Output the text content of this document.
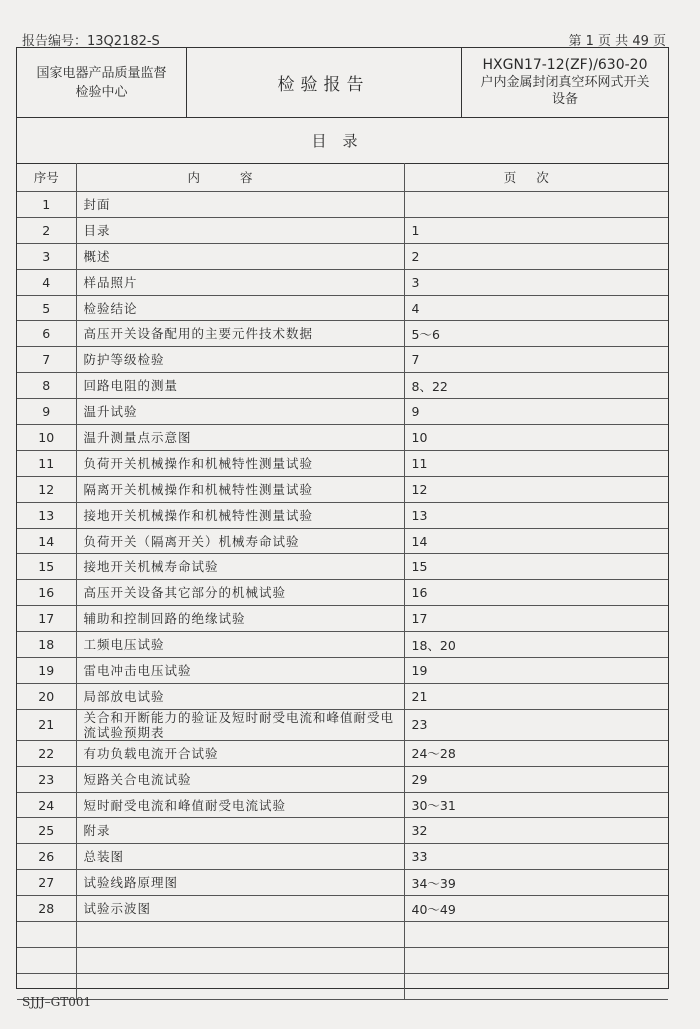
报告编号：13Q2182-S	第 1 页 共 49 页
国家电器产品质量监督
检验中心	检验报告
HXGN17-12(ZF)/630-20
户内金属封闭真空环网式开关
设备
目录
序号	内容	页次
1	封面	
2	目录	1
3	概述	2
4	样品照片	3
5	检验结论	4
6	高压开关设备配用的主要元件技术数据	5～6
7	防护等级检验	7
8	回路电阻的测量	8、22
9	温升试验	9
10	温升测量点示意图	10
11	负荷开关机械操作和机械特性测量试验	11
12	隔离开关机械操作和机械特性测量试验	12
13	接地开关机械操作和机械特性测量试验	13
14	负荷开关（隔离开关）机械寿命试验	14
15	接地开关机械寿命试验	15
16	高压开关设备其它部分的机械试验	16
17	辅助和控制回路的绝缘试验	17
18	工频电压试验	18、20
19	雷电冲击电压试验	19
20	局部放电试验	21
21	关合和开断能力的验证及短时耐受电流和峰值耐受电流试验预期表	23
22	有功负载电流开合试验	24～28
23	短路关合电流试验	29
24	短时耐受电流和峰值耐受电流试验	30～31
25	附录	32
26	总装图	33
27	试验线路原理图	34～39
28	试验示波图	40～49

SJJJ–GT001
